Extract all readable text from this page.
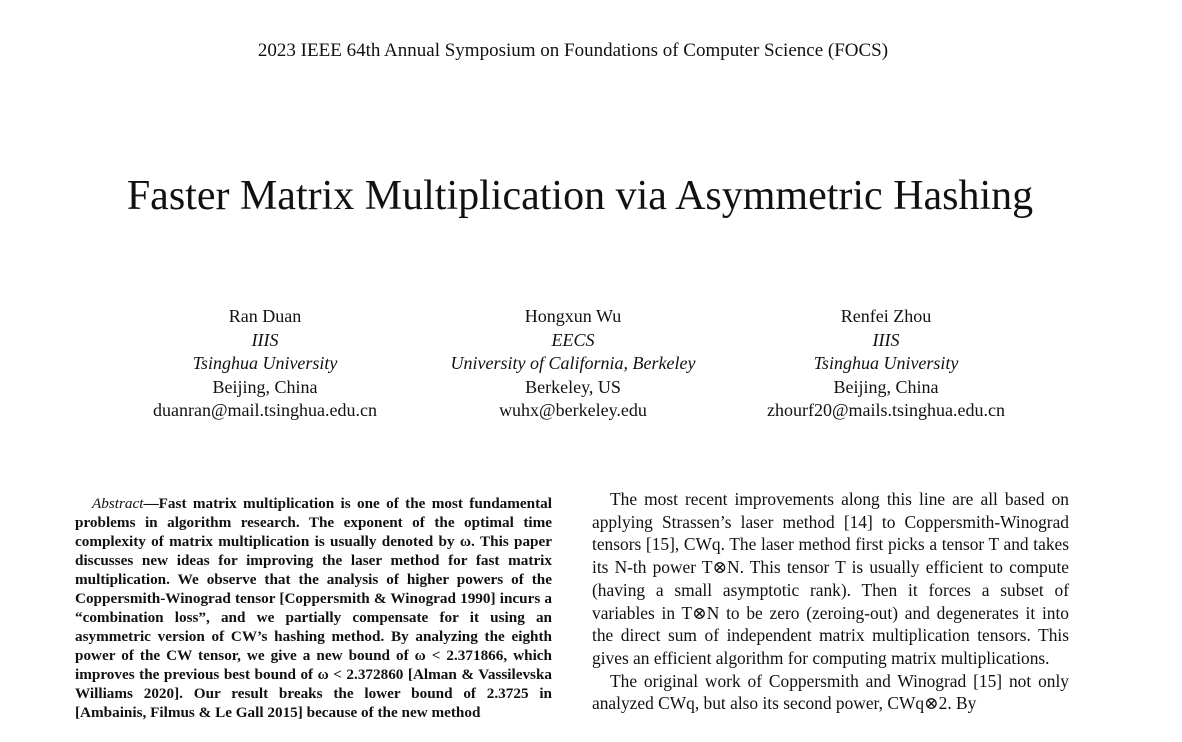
2023 IEEE 64th Annual Symposium on Foundations of Computer Science (FOCS)
Faster Matrix Multiplication via Asymmetric Hashing
Ran Duan
IIIS
Tsinghua University
Beijing, China
duanran@mail.tsinghua.edu.cn
Hongxun Wu
EECS
University of California, Berkeley
Berkeley, US
wuhx@berkeley.edu
Renfei Zhou
IIIS
Tsinghua University
Beijing, China
zhourf20@mails.tsinghua.edu.cn
Abstract—Fast matrix multiplication is one of the most fundamental problems in algorithm research. The exponent of the optimal time complexity of matrix multiplication is usually denoted by ω. This paper discusses new ideas for improving the laser method for fast matrix multiplication. We observe that the analysis of higher powers of the Coppersmith-Winograd tensor [Coppersmith & Winograd 1990] incurs a “combination loss”, and we partially compensate for it using an asymmetric version of CW’s hashing method. By analyzing the eighth power of the CW tensor, we give a new bound of ω < 2.371866, which improves the previous best bound of ω < 2.372860 [Alman & Vassilevska Williams 2020]. Our result breaks the lower bound of 2.3725 in [Ambainis, Filmus & Le Gall 2015] because of the new method

The most recent improvements along this line are all based on applying Strassen’s laser method [14] to Coppersmith-Winograd tensors [15], CWq. The laser method first picks a tensor T and takes its N-th power T⊗N. This tensor T is usually efficient to compute (having a small asymptotic rank). Then it forces a subset of variables in T⊗N to be zero (zeroing-out) and degenerates it into the direct sum of independent matrix multiplication tensors. This gives an efficient algorithm for computing matrix multiplications.

The original work of Coppersmith and Winograd [15] not only analyzed CWq, but also its second power, CWq⊗2. By
